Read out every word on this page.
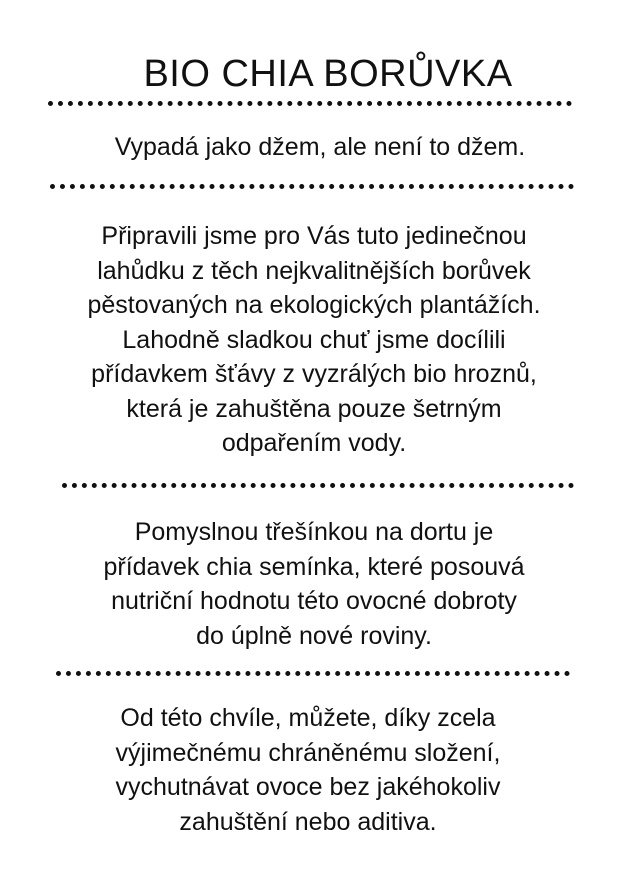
BIO CHIA BORŮVKA
Vypadá jako džem, ale není to džem.
Připravili jsme pro Vás tuto jedinečnou
lahůdku z těch nejkvalitnějších borůvek
pěstovaných na ekologických plantážích.
Lahodně sladkou chuť jsme docílili
přídavkem šťávy z vyzrálých bio hroznů,
která je zahuštěna pouze šetrným
odpařením vody.
Pomyslnou třešínkou na dortu je
přídavek chia semínka, které posouvá
nutriční hodnotu této ovocné dobroty
do úplně nové roviny.
Od této chvíle, můžete, díky zcela
výjimečnému chráněnému složení,
vychutnávat ovoce bez jakéhokoliv
zahuštění nebo aditiva.
